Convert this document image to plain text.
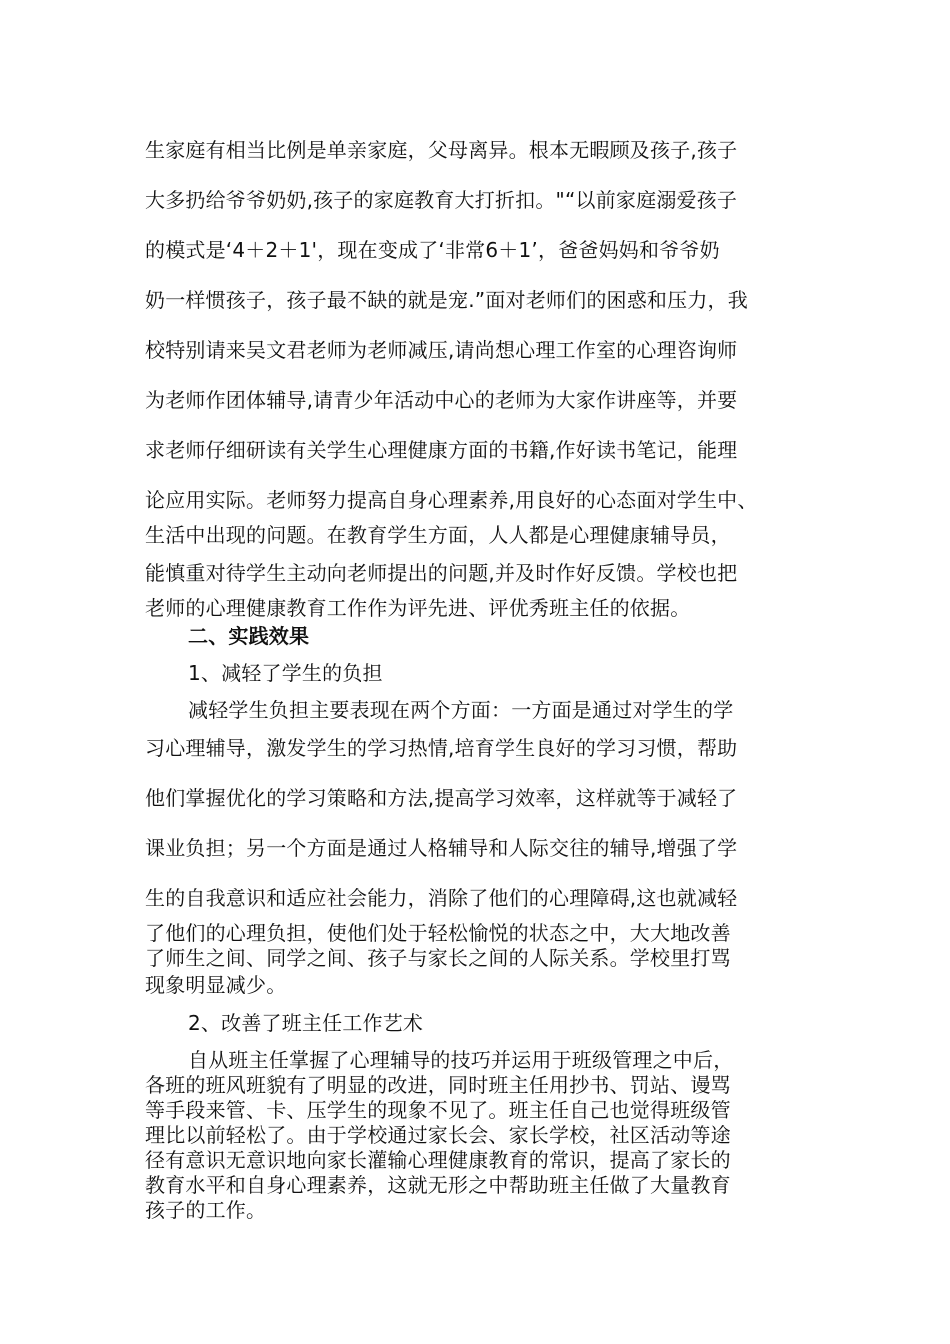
生家庭有相当比例是单亲家庭，父母离异。根本无暇顾及孩子,孩子
大多扔给爷爷奶奶,孩子的家庭教育大打折扣。"“以前家庭溺爱孩子
的模式是‘4＋2＋1'，现在变成了‘非常6＋1’，爸爸妈妈和爷爷奶
奶一样惯孩子，孩子最不缺的就是宠.”面对老师们的困惑和压力，我
校特别请来吴文君老师为老师减压,请尚想心理工作室的心理咨询师
为老师作团体辅导,请青少年活动中心的老师为大家作讲座等，并要
求老师仔细研读有关学生心理健康方面的书籍,作好读书笔记，能理
论应用实际。老师努力提高自身心理素养,用良好的心态面对学生中、
生活中出现的问题。在教育学生方面，人人都是心理健康辅导员，
能慎重对待学生主动向老师提出的问题,并及时作好反馈。学校也把
老师的心理健康教育工作作为评先进、评优秀班主任的依据。
二、实践效果
1、减轻了学生的负担
减轻学生负担主要表现在两个方面：一方面是通过对学生的学
习心理辅导，激发学生的学习热情,培育学生良好的学习习惯，帮助
他们掌握优化的学习策略和方法,提高学习效率，这样就等于减轻了
课业负担；另一个方面是通过人格辅导和人际交往的辅导,增强了学
生的自我意识和适应社会能力，消除了他们的心理障碍,这也就减轻
了他们的心理负担，使他们处于轻松愉悦的状态之中，大大地改善
了师生之间、同学之间、孩子与家长之间的人际关系。学校里打骂
现象明显减少。
2、改善了班主任工作艺术
自从班主任掌握了心理辅导的技巧并运用于班级管理之中后，
各班的班风班貌有了明显的改进，同时班主任用抄书、罚站、谩骂
等手段来管、卡、压学生的现象不见了。班主任自己也觉得班级管
理比以前轻松了。由于学校通过家长会、家长学校，社区活动等途
径有意识无意识地向家长灌输心理健康教育的常识，提高了家长的
教育水平和自身心理素养，这就无形之中帮助班主任做了大量教育
孩子的工作。
